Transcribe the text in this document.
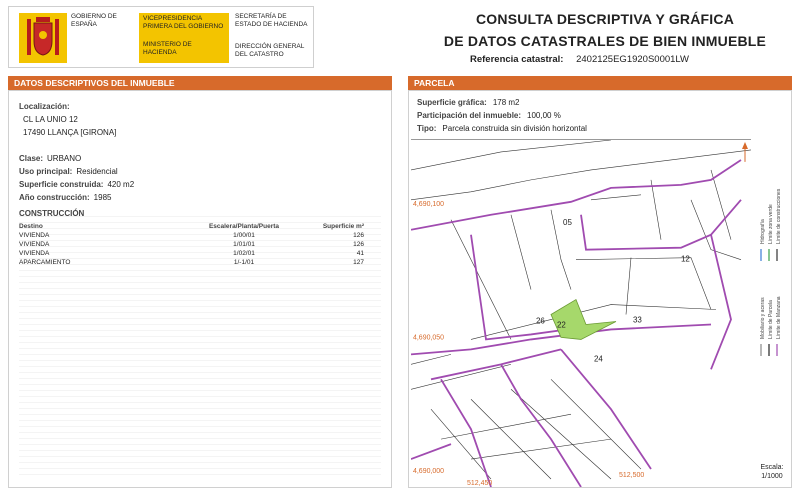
GOBIERNO DE ESPAÑA
VICEPRESIDENCIA PRIMERA DEL GOBIERNO
MINISTERIO DE HACIENDA
SECRETARÍA DE ESTADO DE HACIENDA
DIRECCIÓN GENERAL DEL CATASTRO
CONSULTA DESCRIPTIVA Y GRÁFICA
DE DATOS CATASTRALES DE BIEN INMUEBLE
Referencia catastral: 2402125EG1920S0001LW
DATOS DESCRIPTIVOS DEL INMUEBLE
Localización:
CL LA UNIO 12
17490 LLANÇA [GIRONA]
Clase: URBANO
Uso principal: Residencial
Superficie construida: 420 m2
Año construcción: 1985
CONSTRUCCIÓN
Destino	Escalera/Planta/Puerta	Superficie m²
VIVIENDA	1/00/01	126
VIVIENDA	1/01/01	126
VIVIENDA	1/02/01	41
APARCAMIENTO	1/-1/01	127
PARCELA
Superficie gráfica: 178 m2
Participación del inmueble: 100,00 %
Tipo: Parcela construida sin división horizontal
05
12
33
24
26 22
4,690,100
4,690,050
4,690,000
512,450
512,500
Hidrografía Límite zona verde Límite de construcciones
Mobiliario y aceras Límite de Parcela Límite de Manzana
Escala:
1/1000
